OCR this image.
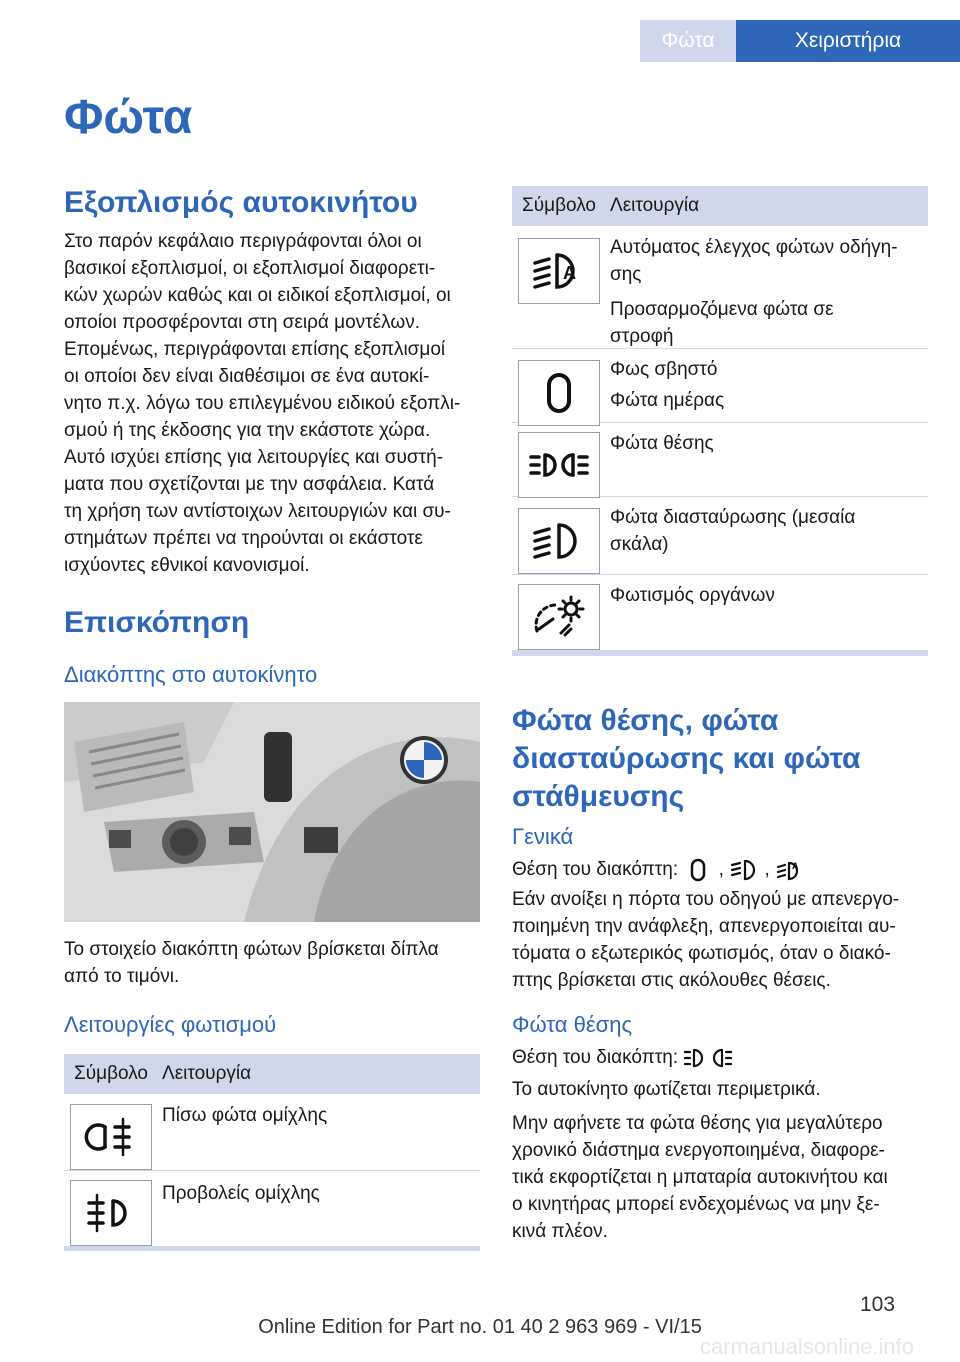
Φώτα	Χειριστήρια
Φώτα
Εξοπλισμός αυτοκινήτου
Στο παρόν κεφάλαιο περιγράφονται όλοι οι
βασικοί εξοπλισμοί, οι εξοπλισμοί διαφορετι-
κών χωρών καθώς και οι ειδικοί εξοπλισμοί, οι
οποίοι προσφέρονται στη σειρά μοντέλων.
Επομένως, περιγράφονται επίσης εξοπλισμοί
οι οποίοι δεν είναι διαθέσιμοι σε ένα αυτοκί-
νητο π.χ. λόγω του επιλεγμένου ειδικού εξοπλι-
σμού ή της έκδοσης για την εκάστοτε χώρα.
Αυτό ισχύει επίσης για λειτουργίες και συστή-
ματα που σχετίζονται με την ασφάλεια. Κατά
τη χρήση των αντίστοιχων λειτουργιών και συ-
στημάτων πρέπει να τηρούνται οι εκάστοτε
ισχύοντες εθνικοί κανονισμοί.
Επισκόπηση
Διακόπτης στο αυτοκίνητο
Το στοιχείο διακόπτη φώτων βρίσκεται δίπλα
από το τιμόνι.
Λειτουργίες φωτισμού
Σύμβολο Λειτουργία
Πίσω φώτα ομίχλης
Προβολείς ομίχλης
Σύμβολο Λειτουργία
A
Αυτόματος έλεγχος φώτων οδήγη-
σης
Προσαρμοζόμενα φώτα σε
στροφή
Φως σβηστό
Φώτα ημέρας
Φώτα θέσης
Φώτα διασταύρωσης (μεσαία
σκάλα)
Φωτισμός οργάνων
Φώτα θέσης, φώτα
διασταύρωσης και φώτα
στάθμευσης
Γενικά
Θέση του διακόπτη: , , A
Εάν ανοίξει η πόρτα του οδηγού με απενεργο-
ποιημένη την ανάφλεξη, απενεργοποιείται αυ-
τόματα ο εξωτερικός φωτισμός, όταν ο διακό-
πτης βρίσκεται στις ακόλουθες θέσεις.
Φώτα θέσης
Θέση του διακόπτη:
Το αυτοκίνητο φωτίζεται περιμετρικά.
Μην αφήνετε τα φώτα θέσης για μεγαλύτερο
χρονικό διάστημα ενεργοποιημένα, διαφορε-
τικά εκφορτίζεται η μπαταρία αυτοκινήτου και
ο κινητήρας μπορεί ενδεχομένως να μην ξε-
κινά πλέον.
103
Online Edition for Part no. 01 40 2 963 969 - VI/15
carmanualsonline.info
